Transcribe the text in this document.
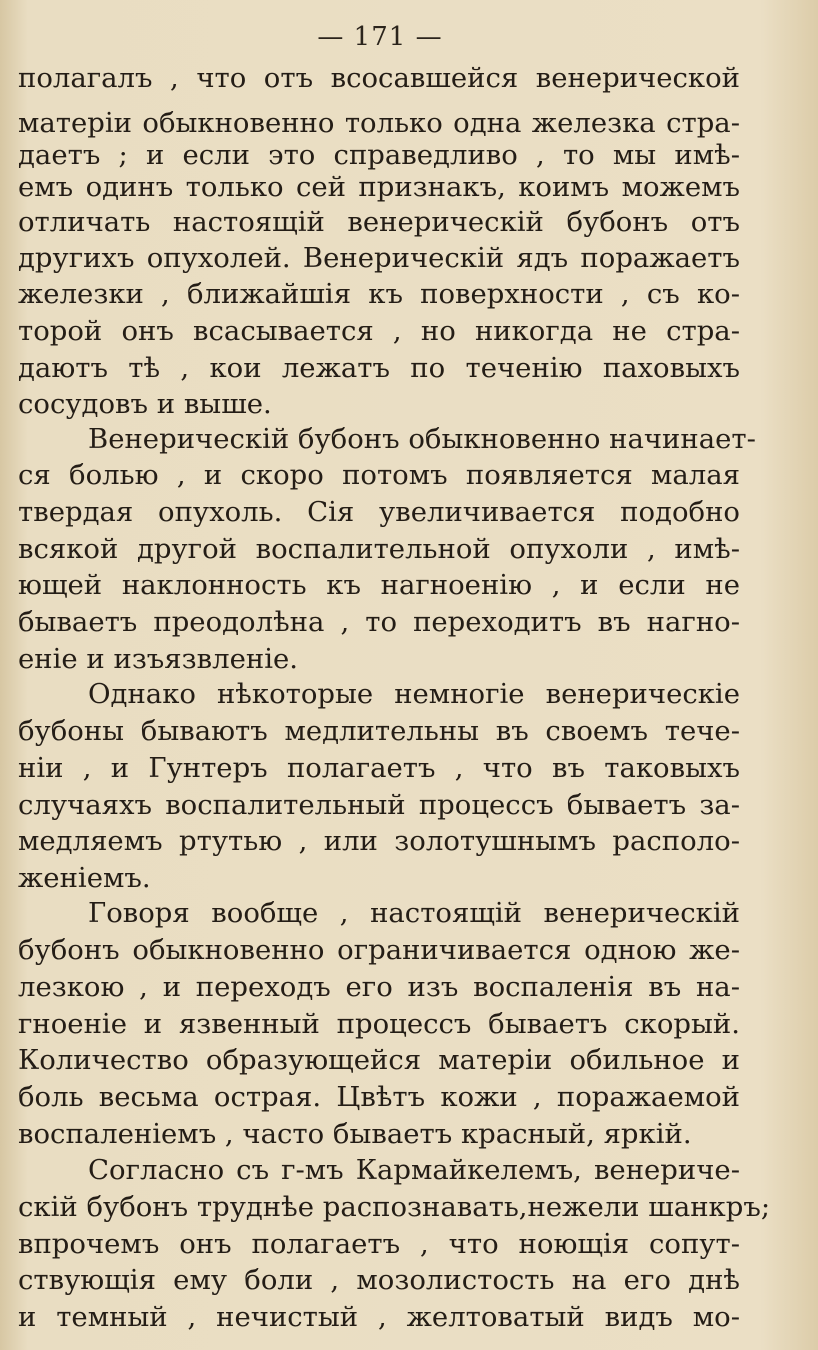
— 171 —
полагалъ , что отъ всосавшейся венерической
матеріи обыкновенно только одна железка стра-
даетъ ; и если это справедливо , то мы имѣ-
емъ одинъ только сей признакъ, коимъ можемъ
отличать настоящій венерическій бубонъ отъ
другихъ опухолей. Венерическій ядъ поражаетъ
железки , ближайшія къ поверхности , съ ко-
торой онъ всасывается , но никогда не стра-
даютъ тѣ , кои лежатъ по теченію паховыхъ
сосудовъ и выше.
Венерическій бубонъ обыкновенно начинает-
ся болью , и скоро потомъ появляется малая
твердая опухоль. Сія увеличивается подобно
всякой другой воспалительной опухоли , имѣ-
ющей наклонность къ нагноенію , и если не
бываетъ преодолѣна , то переходитъ въ нагно-
еніе и изъязвленіе.
Однако нѣкоторые немногіе венерическіе
бубоны бываютъ медлительны въ своемъ тече-
ніи , и Гунтеръ полагаетъ , что въ таковыхъ
случаяхъ воспалительный процессъ бываетъ за-
медляемъ ртутью , или золотушнымъ располо-
женіемъ.
Говоря вообще , настоящій венерическій
бубонъ обыкновенно ограничивается одною же-
лезкою , и переходъ его изъ воспаленія въ на-
гноеніе и язвенный процессъ бываетъ скорый.
Количество образующейся матеріи обильное и
боль весьма острая. Цвѣтъ кожи , поражаемой
воспаленіемъ , часто бываетъ красный, яркій.
Согласно съ г-мъ Кармайкелемъ, венериче-
скій бубонъ труднѣе распознавать,нежели шанкръ;
впрочемъ онъ полагаетъ , что ноющія сопут-
ствующія ему боли , мозолистость на его днѣ
и темный , нечистый , желтоватый видъ мо-
